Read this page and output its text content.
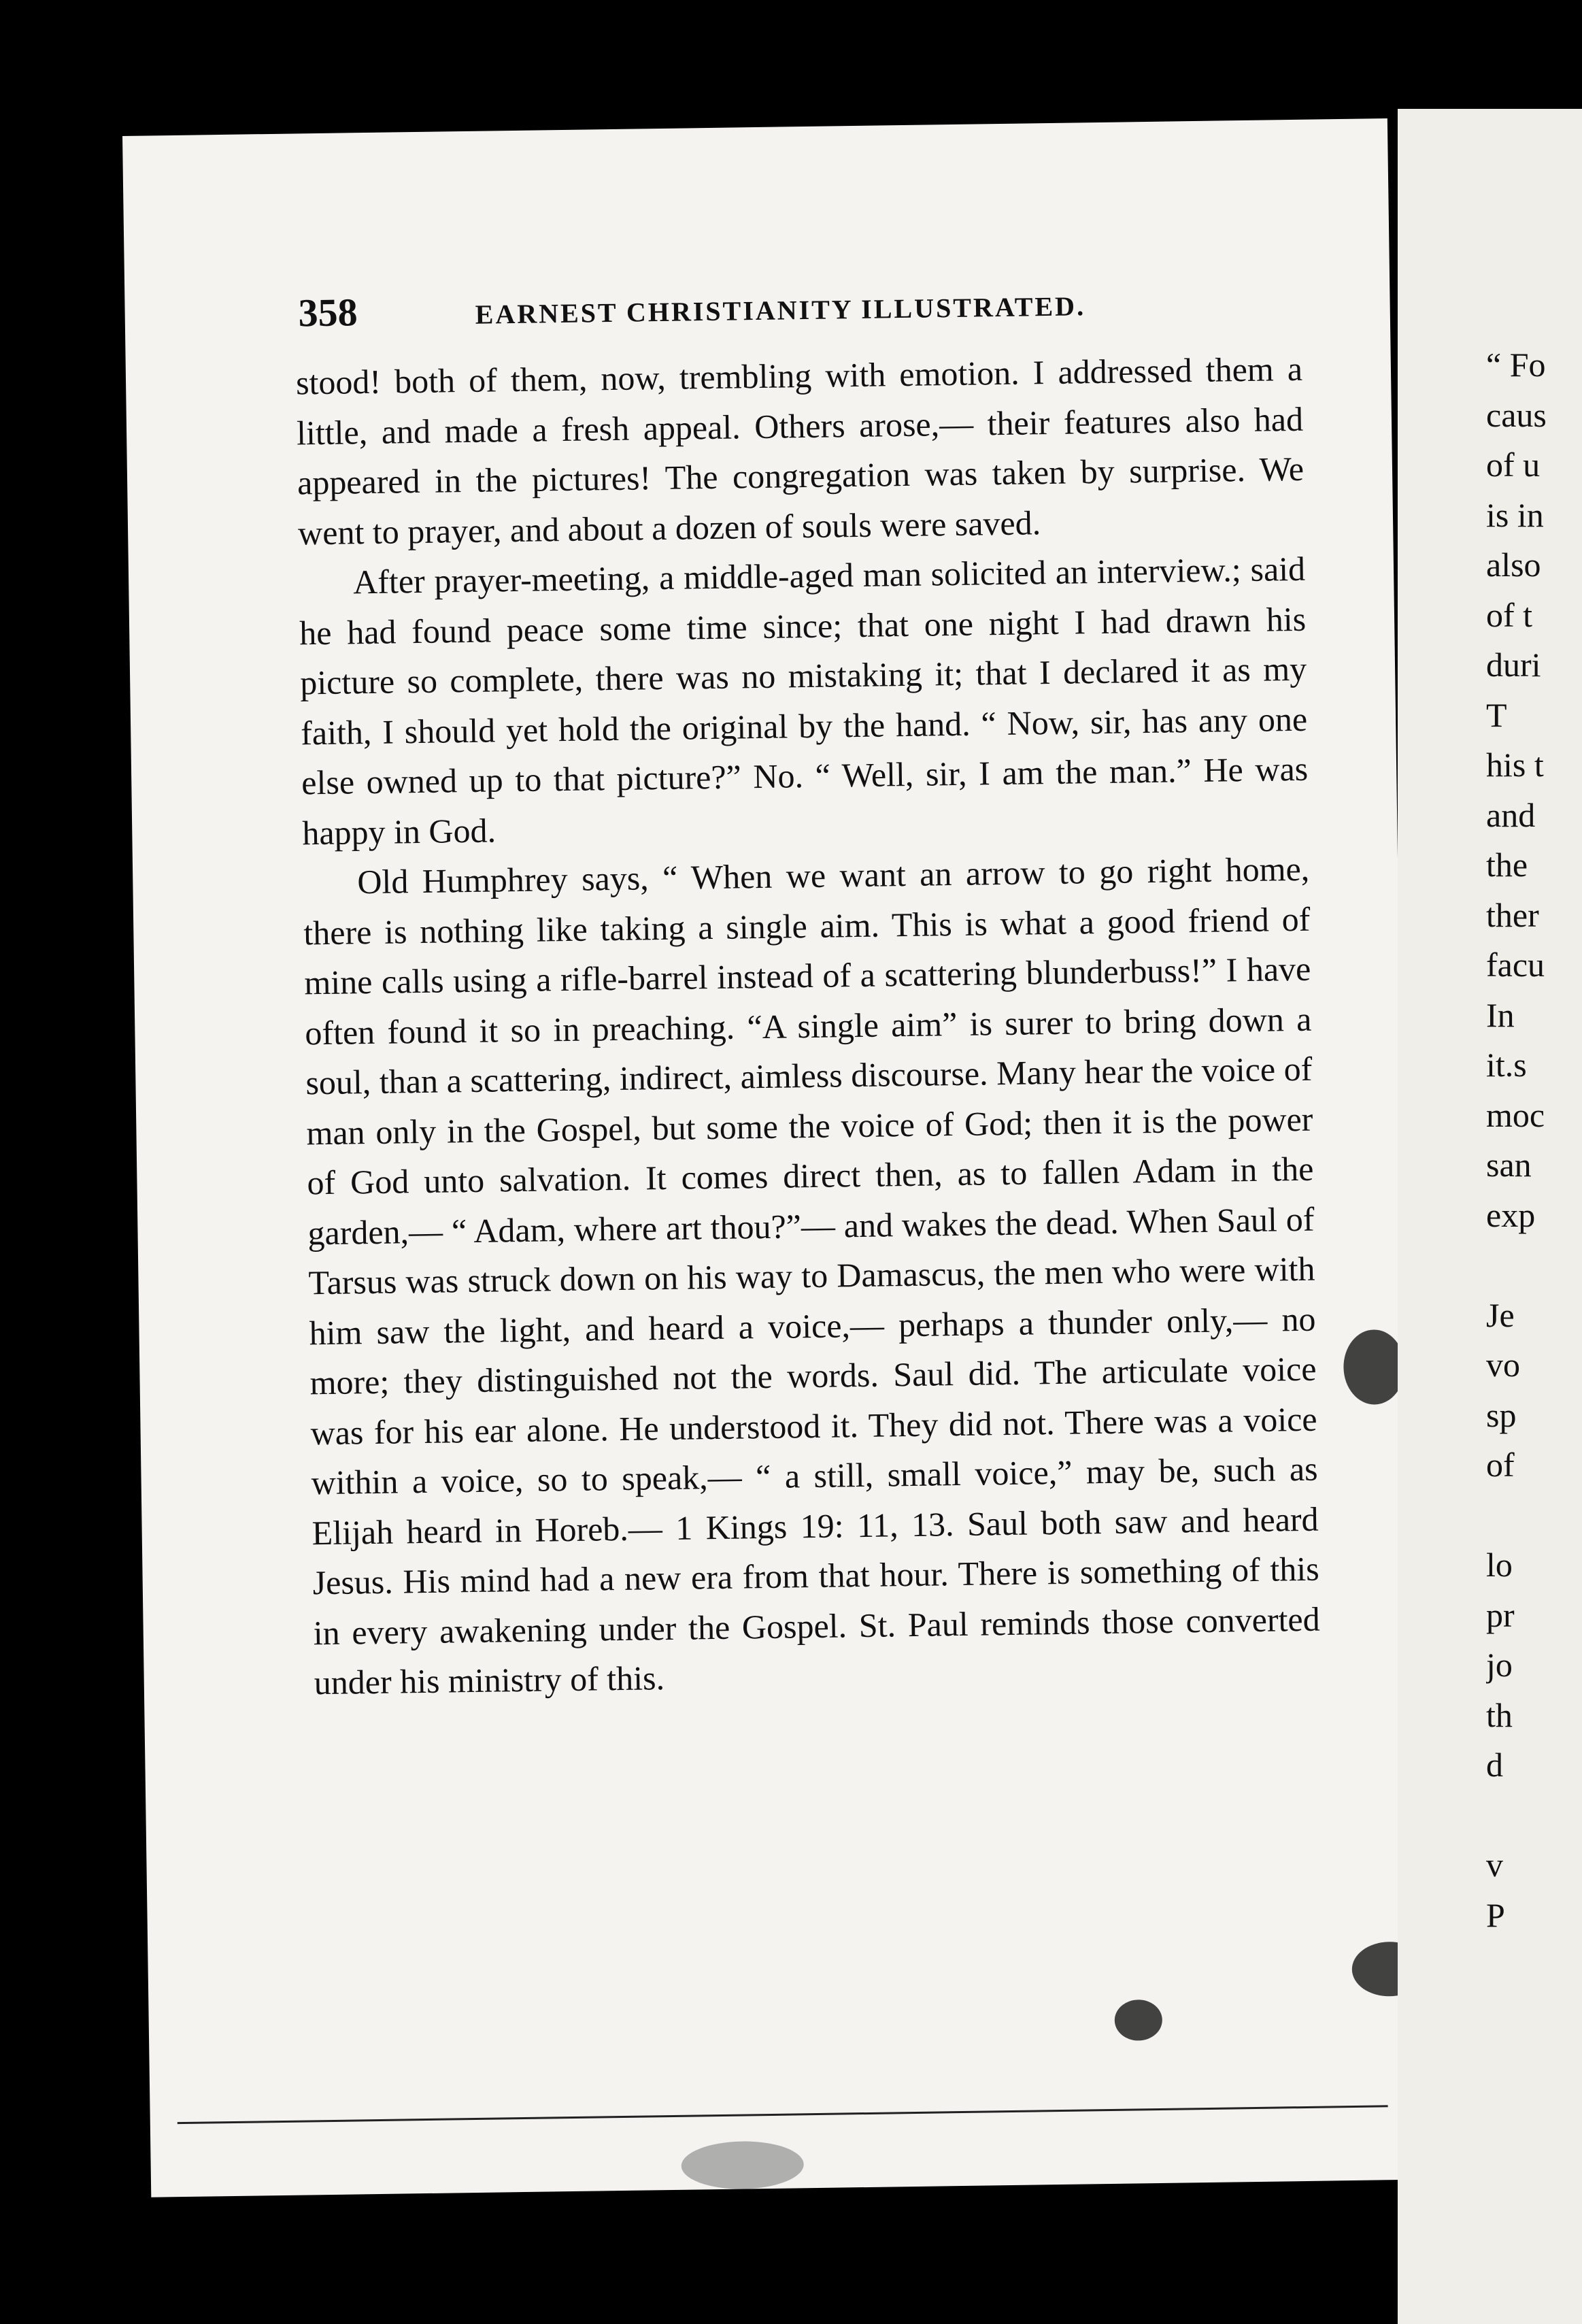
358	EARNEST CHRISTIANITY ILLUSTRATED.

stood! both of them, now, trembling with emotion. I addressed them a little, and made a fresh appeal. Others arose,— their features also had appeared in the pictures! The congregation was taken by surprise. We went to prayer, and about a dozen of souls were saved.

After prayer-meeting, a middle-aged man solicited an interview.; said he had found peace some time since; that one night I had drawn his picture so complete, there was no mistaking it; that I declared it as my faith, I should yet hold the original by the hand. “ Now, sir, has any one else owned up to that picture?” No. “ Well, sir, I am the man.” He was happy in God.

Old Humphrey says, “ When we want an arrow to go right home, there is nothing like taking a single aim. This is what a good friend of mine calls using a rifle-barrel instead of a scattering blunderbuss!” I have often found it so in preaching. “A single aim” is surer to bring down a soul, than a scattering, indirect, aimless discourse. Many hear the voice of man only in the Gospel, but some the voice of God; then it is the power of God unto salvation. It comes direct then, as to fallen Adam in the garden,— “ Adam, where art thou?”— and wakes the dead. When Saul of Tarsus was struck down on his way to Damascus, the men who were with him saw the light, and heard a voice,— perhaps a thunder only,— no more; they distinguished not the words. Saul did. The articulate voice was for his ear alone. He understood it. They did not. There was a voice within a voice, so to speak,— “ a still, small voice,” may be, such as Elijah heard in Horeb.— 1 Kings 19: 11, 13. Saul both saw and heard Jesus. His mind had a new era from that hour. There is something of this in every awakening under the Gospel. St. Paul reminds those converted under his ministry of this.

“ Fo
caus
of u
is in
also
of t
duri
T
his t
and
the
ther
facu
In
it.s
moc
san
exp
Je
vo
sp
of
lo
pr
jo
th
d
v
P
